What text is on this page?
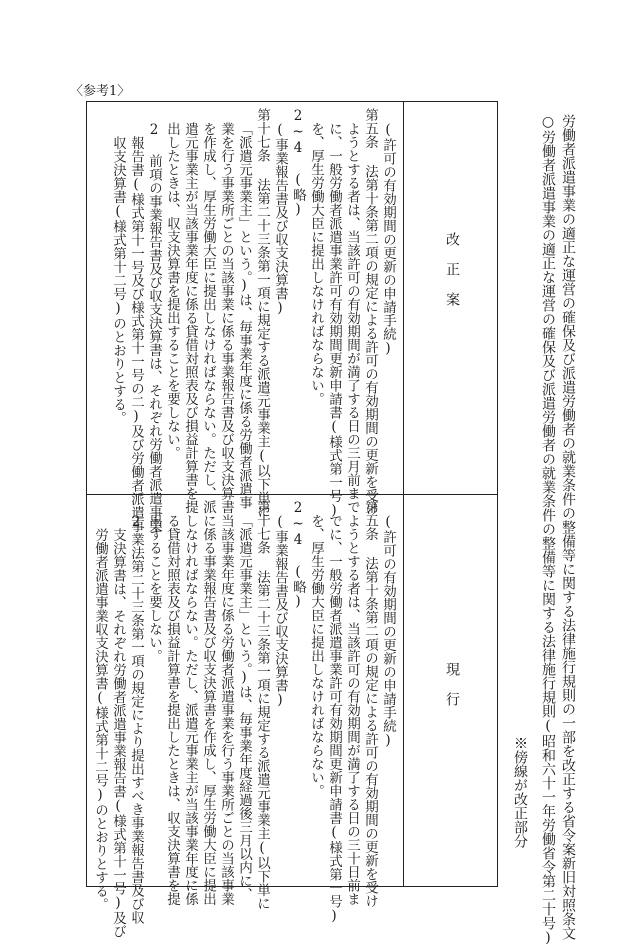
〈参考1〉

労働者派遣事業の適正な運営の確保及び派遣労働者の就業条件の整備等に関する法律施行規則の一部を改正する省令案新旧対照条文

○労働者派遣事業の適正な運営の確保及び派遣労働者の就業条件の整備等に関する法律施行規則(昭和六十一年労働省令第二十号)

※傍線が改正部分
改正案
現行

(許可の有効期間の更新の申請手続)

第五条 法第十条第二項の規定による許可の有効期間の更新を受け

ようとする者は、当該許可の有効期間が満了する日の三月前まで

に、一般労働者派遣事業許可有効期間更新申請書(様式第一号)

を、厚生労働大臣に提出しなければならない。

2~4 (略)

(事業報告書及び収支決算書)

第十七条 法第二十三条第一項に規定する派遣元事業主(以下単に

「派遣元事業主」という。)は、毎事業年度に係る労働者派遣事

業を行う事業所ごとの当該事業に係る事業報告書及び収支決算書

を作成し、厚生労働大臣に提出しなければならない。ただし、派

遣元事業主が当該事業年度に係る貸借対照表及び損益計算書を提

出したときは、収支決算書を提出することを要しない。

2 前項の事業報告書及び収支決算書は、それぞれ労働者派遣事業

報告書(様式第十一号及び様式第十一号の二)及び労働者派遣事業

収支決算書(様式第十二号)のとおりとする。

(許可の有効期間の更新の申請手続)

第五条 法第十条第二項の規定による許可の有効期間の更新を受け

ようとする者は、当該許可の有効期間が満了する日の三十日前ま

でに、一般労働者派遣事業許可有効期間更新申請書(様式第一号)

を、厚生労働大臣に提出しなければならない。

2~4 (略)

(事業報告書及び収支決算書)

第十七条 法第二十三条第一項に規定する派遣元事業主(以下単に

「派遣元事業主」という。)は、毎事業年度経過後三月以内に、

当該事業年度に係る労働者派遣事業を行う事業所ごとの当該事業

に係る事業報告書及び収支決算書を作成し、厚生労働大臣に提出

しなければならない。ただし、派遣元事業主が当該事業年度に係

る貸借対照表及び損益計算書を提出したときは、収支決算書を提

出することを要しない。

2 法第二十三条第一項の規定により提出すべき事業報告書及び収

支決算書は、それぞれ労働者派遣事業報告書(様式第十一号)及び

労働者派遣事業収支決算書(様式第十二号)のとおりとする。
